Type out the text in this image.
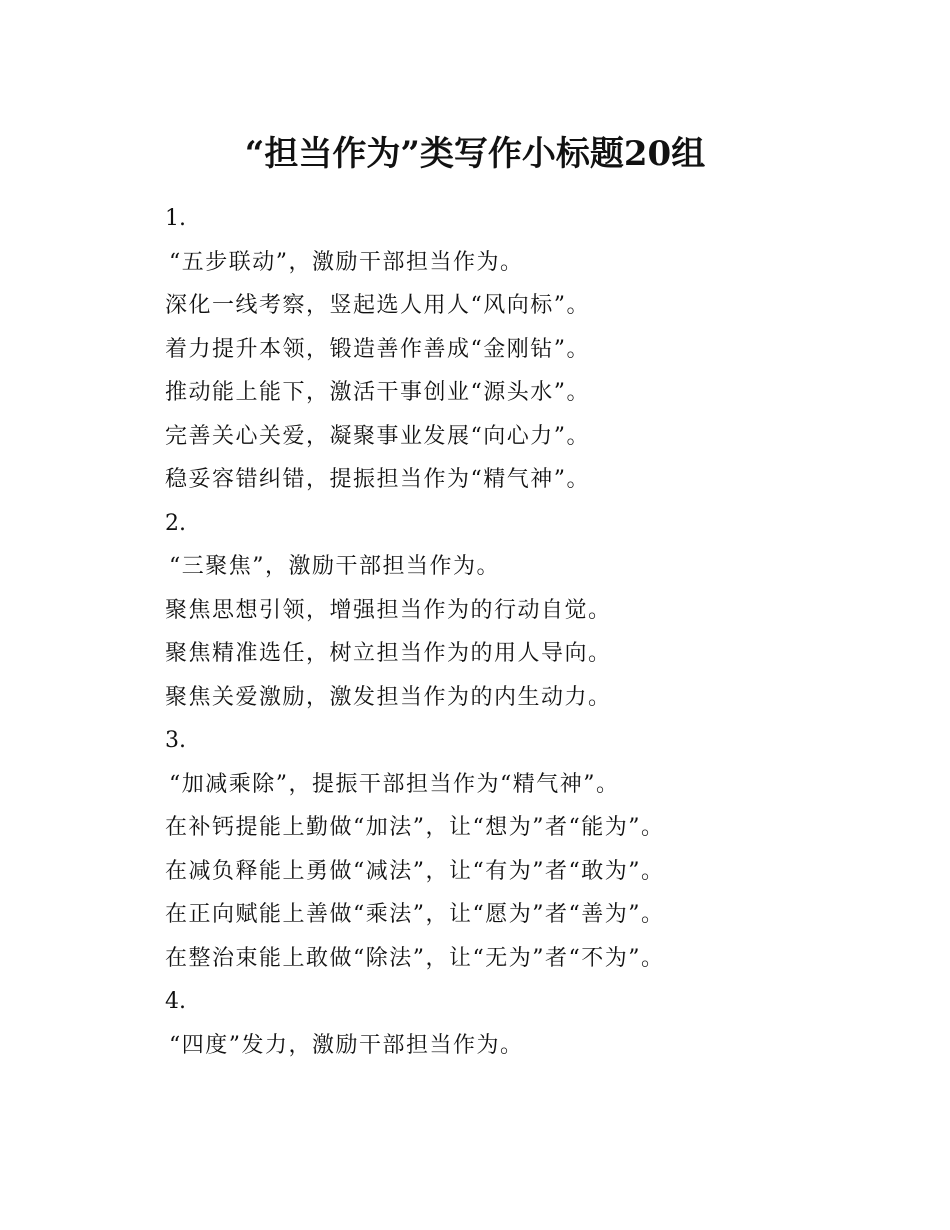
“担当作为”类写作小标题20组
1.
“五步联动”，激励干部担当作为。
深化一线考察，竖起选人用人“风向标”。
着力提升本领，锻造善作善成“金刚钻”。
推动能上能下，激活干事创业“源头水”。
完善关心关爱，凝聚事业发展“向心力”。
稳妥容错纠错，提振担当作为“精气神”。
2.
“三聚焦”，激励干部担当作为。
聚焦思想引领，增强担当作为的行动自觉。
聚焦精准选任，树立担当作为的用人导向。
聚焦关爱激励，激发担当作为的内生动力。
3.
“加减乘除”，提振干部担当作为“精气神”。
在补钙提能上勤做“加法”，让“想为”者“能为”。
在减负释能上勇做“减法”，让“有为”者“敢为”。
在正向赋能上善做“乘法”，让“愿为”者“善为”。
在整治束能上敢做“除法”，让“无为”者“不为”。
4.
“四度”发力，激励干部担当作为。
